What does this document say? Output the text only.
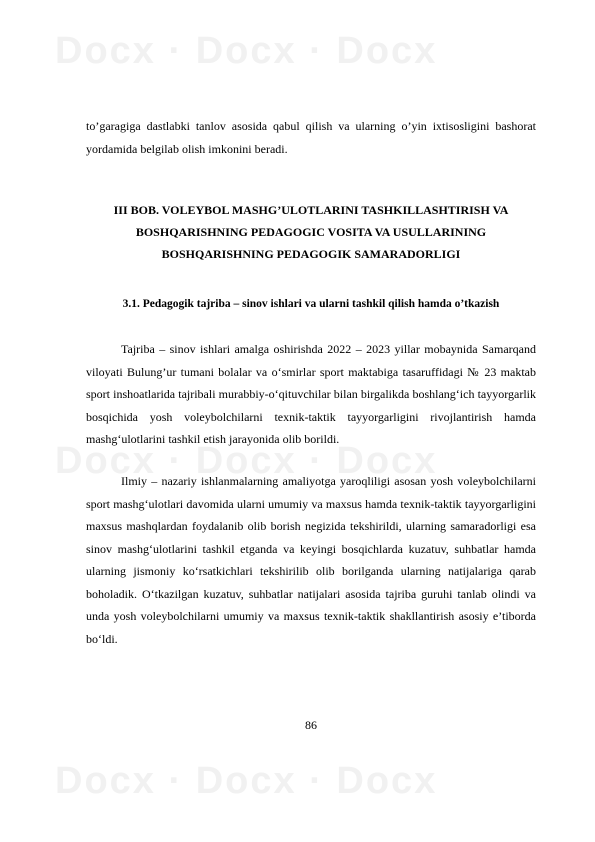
Docx · Docx · Docx
Docx · Docx · Docx
Docx · Docx · Docx

to’garagiga dastlabki tanlov asosida qabul qilish va ularning o’yin ixtisosligini bashorat yordamida belgilab olish imkonini beradi.

III BOB. VOLEYBOL MASHG’ULOTLARINI TASHKILLASHTIRISH VA BOSHQARISHNING PEDAGOGIC VOSITA VA USULLARINING BOSHQARISHNING PEDAGOGIK SAMARADORLIGI
3.1. Pedagogik tajriba – sinov ishlari va ularni tashkil qilish hamda o’tkazish

Tajriba – sinov ishlari amalga oshirishda 2022 – 2023 yillar mobaynida Samarqand viloyati Bulung’ur tumani bolalar va o‘smirlar sport maktabiga tasaruffidagi № 23 maktab sport inshoatlarida tajribali murabbiy-o‘qituvchilar bilan birgalikda boshlang‘ich tayyorgarlik bosqichida yosh voleybolchilarni texnik-taktik tayyorgarligini rivojlantirish hamda mashg‘ulotlarini tashkil etish jarayonida olib borildi.

Ilmiy – nazariy ishlanmalarning amaliyotga yaroqliligi asosan yosh voleybolchilarni sport mashg‘ulotlari davomida ularni umumiy va maxsus hamda texnik-taktik tayyorgarligini maxsus mashqlardan foydalanib olib borish negizida tekshirildi, ularning samaradorligi esa sinov mashg‘ulotlarini tashkil etganda va keyingi bosqichlarda kuzatuv, suhbatlar hamda ularning jismoniy ko‘rsatkichlari tekshirilib olib borilganda ularning natijalariga qarab boholadik. O‘tkazilgan kuzatuv, suhbatlar natijalari asosida tajriba guruhi tanlab olindi va unda yosh voleybolchilarni umumiy va maxsus texnik-taktik shakllantirish asosiy e’tiborda bo‘ldi.

86
